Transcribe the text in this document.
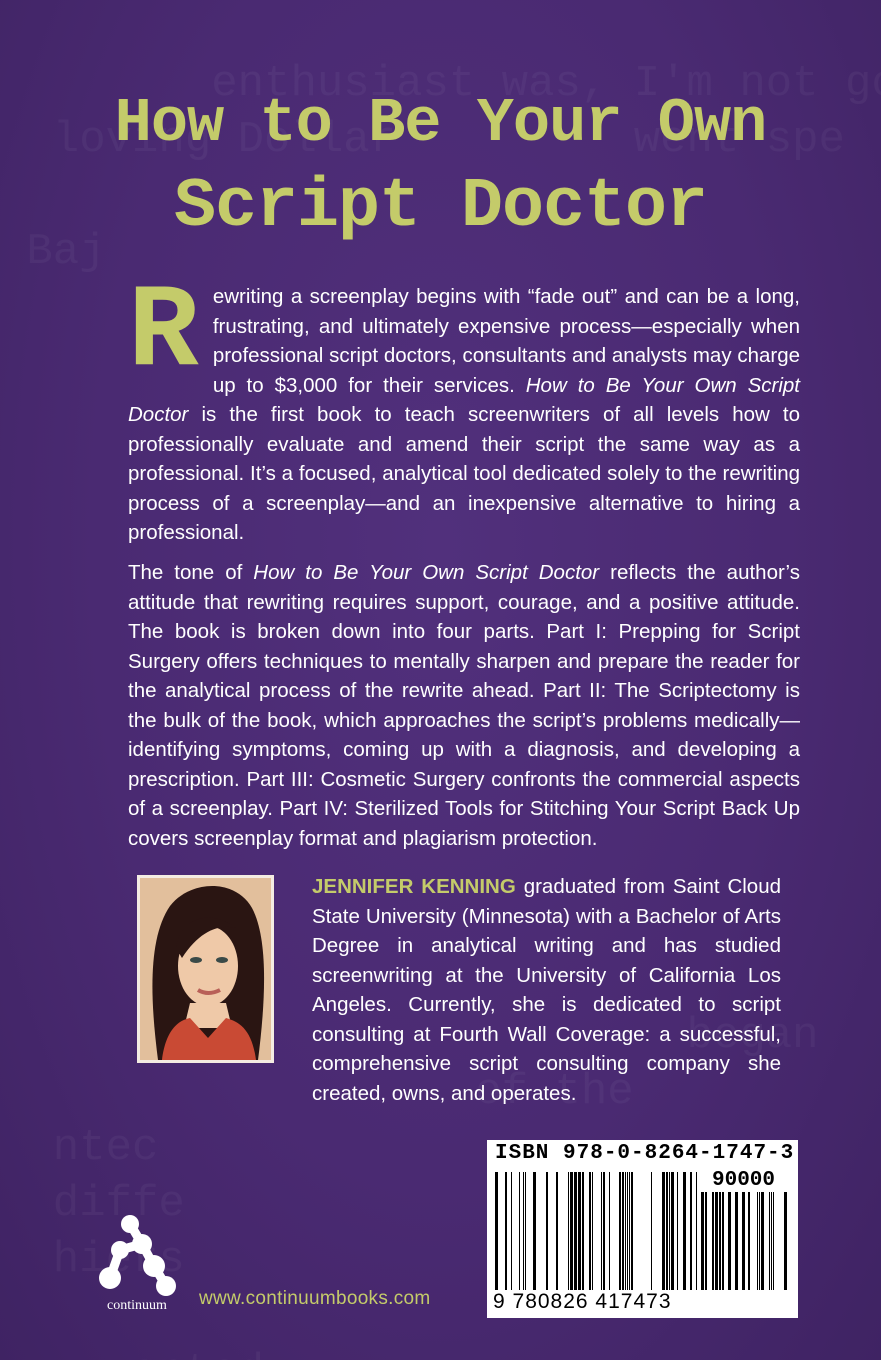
How to Be Your Own
Script Doctor
Rewriting a screenplay begins with “fade out” and can be a long, frustrating, and ultimately expensive process—especially when professional script doctors, consultants and analysts may charge up to $3,000 for their services. How to Be Your Own Script Doctor is the first book to teach screenwriters of all levels how to professionally evaluate and amend their script the same way as a professional. It’s a focused, analytical tool dedicated solely to the rewriting process of a screenplay—and an inexpensive alternative to hiring a professional.
The tone of How to Be Your Own Script Doctor reflects the author’s attitude that rewriting requires support, courage, and a positive attitude. The book is broken down into four parts. Part I: Prepping for Script Surgery offers techniques to mentally sharpen and prepare the reader for the analytical process of the rewrite ahead. Part II: The Scriptectomy is the bulk of the book, which approaches the script’s problems medically—identifying symptoms, coming up with a diagnosis, and developing a prescription. Part III: Cosmetic Surgery confronts the commercial aspects of a screenplay. Part IV: Sterilized Tools for Stitching Your Script Back Up covers screenplay format and plagiarism protection.
JENNIFER KENNING graduated from Saint Cloud State University (Minnesota) with a Bachelor of Arts Degree in analytical writing and has studied screenwriting at the University of California Los Angeles. Currently, she is dedicated to script consulting at Fourth Wall Coverage: a successful, comprehensive script consulting company she created, owns, and operates.
ISBN 978-0-8264-1747-3
90000
9 780826 417473
continuum	www.continuumbooks.com
